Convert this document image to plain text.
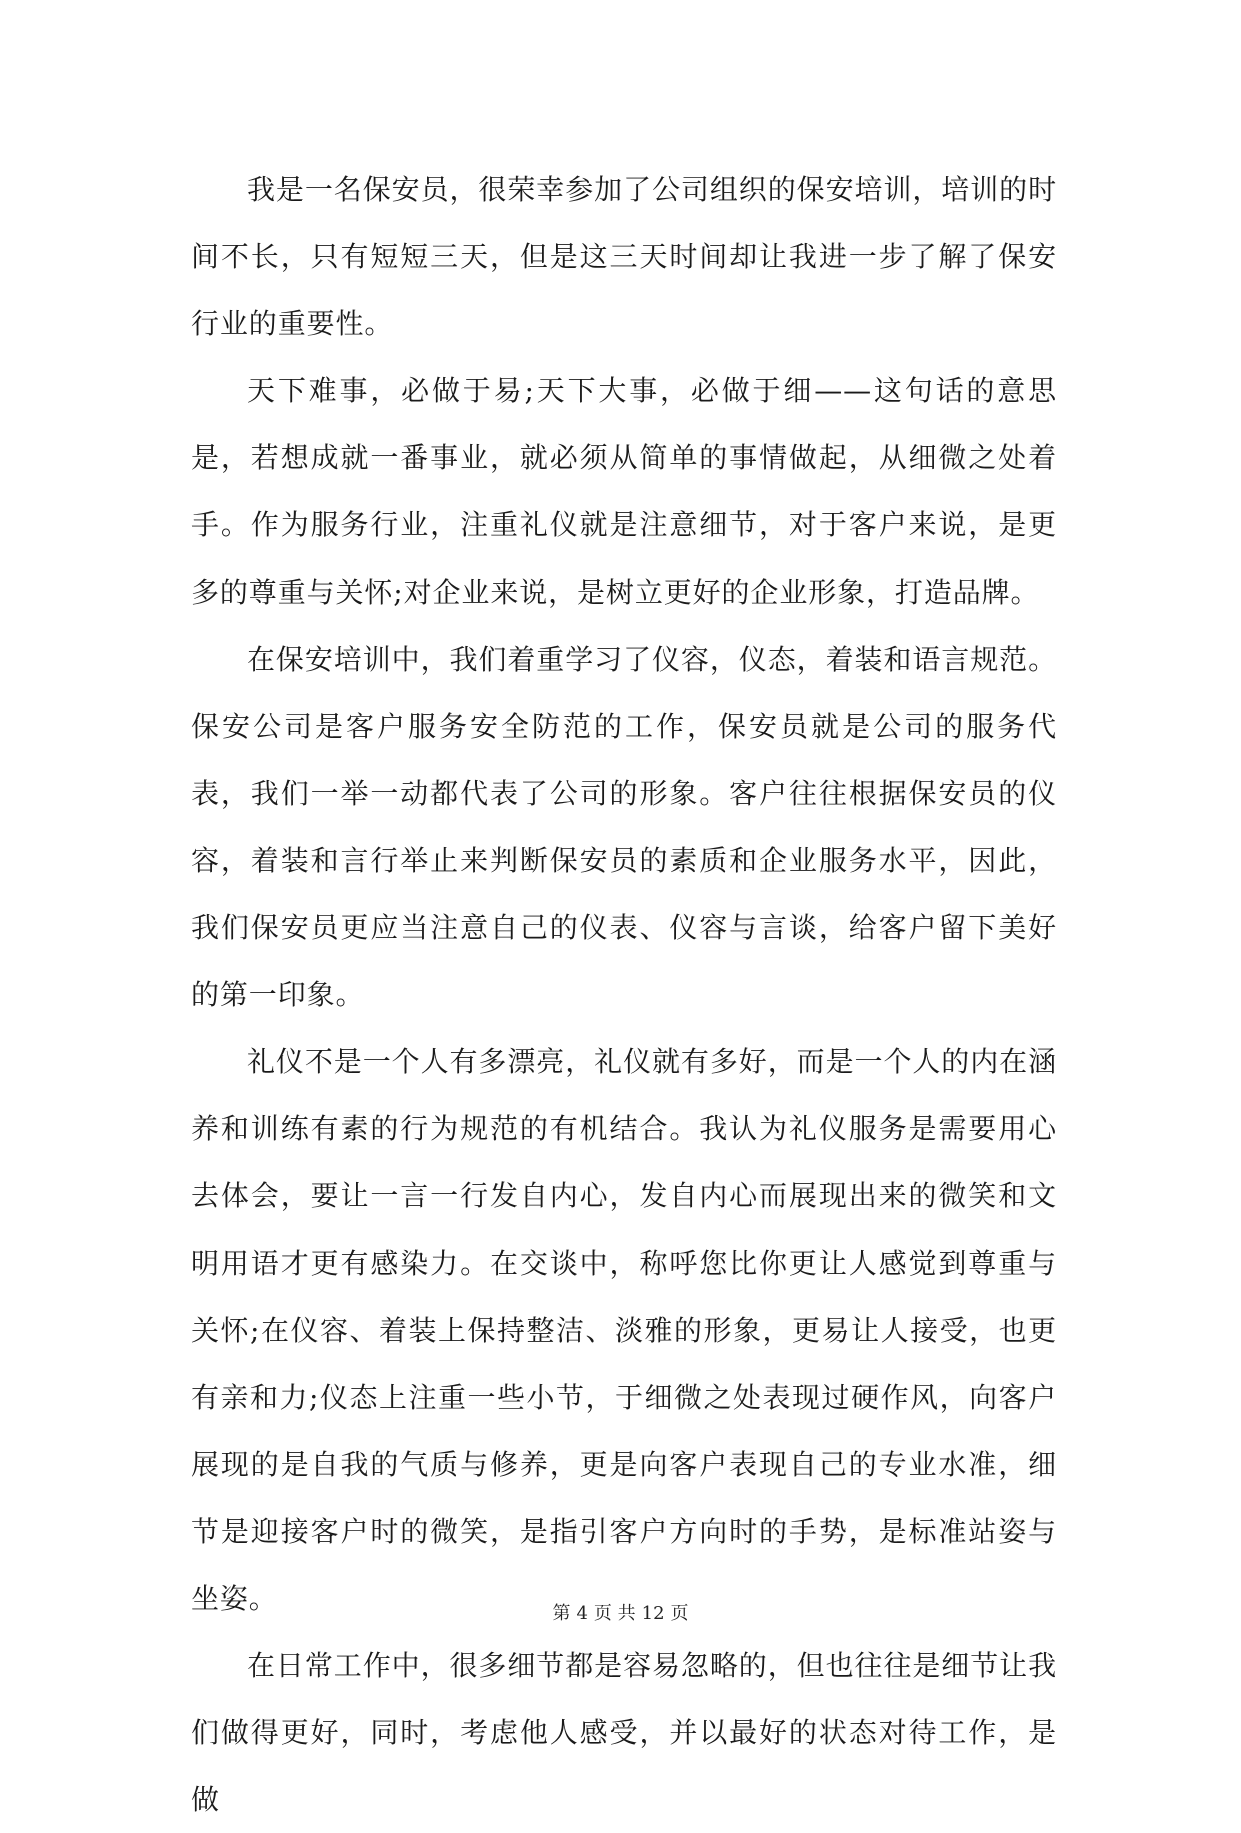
我是一名保安员，很荣幸参加了公司组织的保安培训，培训的时间不长，只有短短三天，但是这三天时间却让我进一步了解了保安行业的重要性。

天下难事，必做于易;天下大事，必做于细——这句话的意思是，若想成就一番事业，就必须从简单的事情做起，从细微之处着手。作为服务行业，注重礼仪就是注意细节，对于客户来说，是更多的尊重与关怀;对企业来说，是树立更好的企业形象，打造品牌。

在保安培训中，我们着重学习了仪容，仪态，着装和语言规范。保安公司是客户服务安全防范的工作，保安员就是公司的服务代表，我们一举一动都代表了公司的形象。客户往往根据保安员的仪容，着装和言行举止来判断保安员的素质和企业服务水平，因此，我们保安员更应当注意自己的仪表、仪容与言谈，给客户留下美好的第一印象。

礼仪不是一个人有多漂亮，礼仪就有多好，而是一个人的内在涵养和训练有素的行为规范的有机结合。我认为礼仪服务是需要用心去体会，要让一言一行发自内心，发自内心而展现出来的微笑和文明用语才更有感染力。在交谈中，称呼您比你更让人感觉到尊重与关怀;在仪容、着装上保持整洁、淡雅的形象，更易让人接受，也更有亲和力;仪态上注重一些小节，于细微之处表现过硬作风，向客户展现的是自我的气质与修养，更是向客户表现自己的专业水准，细节是迎接客户时的微笑，是指引客户方向时的手势，是标准站姿与坐姿。

在日常工作中，很多细节都是容易忽略的，但也往往是细节让我们做得更好，同时，考虑他人感受，并以最好的状态对待工作，是做

第 4 页 共 12 页
